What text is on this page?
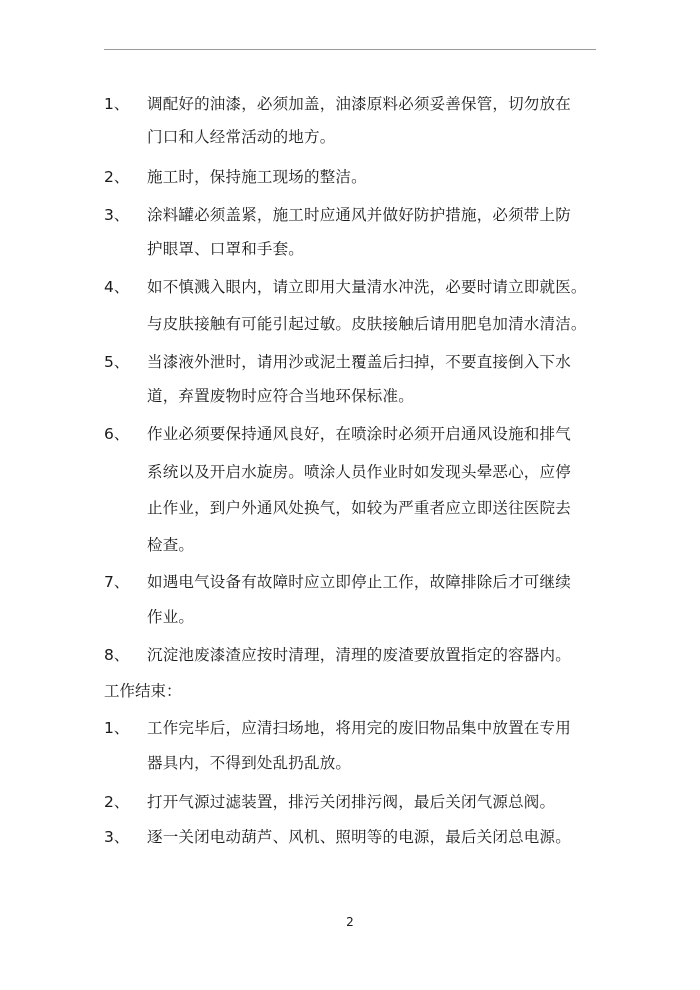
1、 调配好的油漆，必须加盖，油漆原料必须妥善保管，切勿放在
门口和人经常活动的地方。
2、 施工时，保持施工现场的整洁。
3、 涂料罐必须盖紧，施工时应通风并做好防护措施，必须带上防
护眼罩、口罩和手套。
4、 如不慎溅入眼内，请立即用大量清水冲洗，必要时请立即就医。
与皮肤接触有可能引起过敏。皮肤接触后请用肥皂加清水清洁。
5、 当漆液外泄时，请用沙或泥土覆盖后扫掉，不要直接倒入下水
道，弃置废物时应符合当地环保标准。
6、 作业必须要保持通风良好，在喷涂时必须开启通风设施和排气
系统以及开启水旋房。喷涂人员作业时如发现头晕恶心，应停
止作业，到户外通风处换气，如较为严重者应立即送往医院去
检查。
7、 如遇电气设备有故障时应立即停止工作，故障排除后才可继续
作业。
8、 沉淀池废漆渣应按时清理，清理的废渣要放置指定的容器内。
工作结束：
1、 工作完毕后，应清扫场地，将用完的废旧物品集中放置在专用
器具内，不得到处乱扔乱放。
2、 打开气源过滤装置，排污关闭排污阀，最后关闭气源总阀。
3、 逐一关闭电动葫芦、风机、照明等的电源，最后关闭总电源。
2
